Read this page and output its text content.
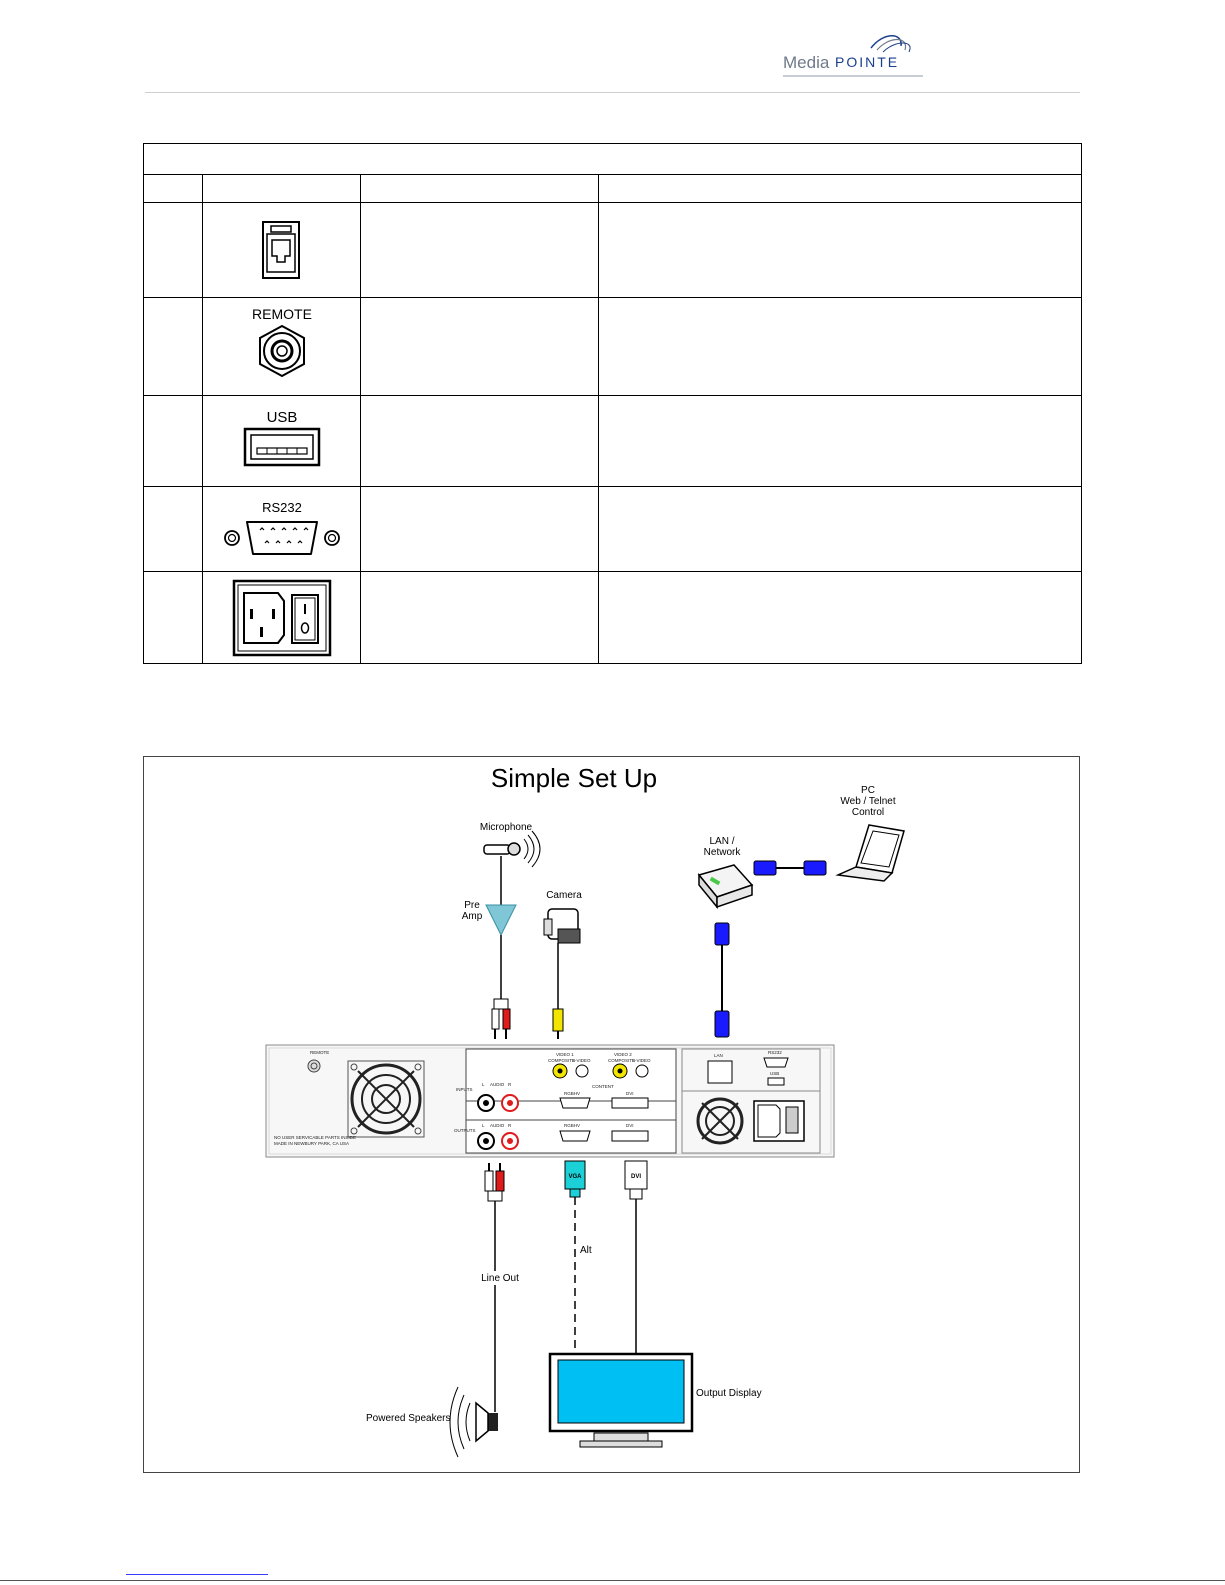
Media POINTE

REMOTE		

USB		

RS232		

Simple Set Up	PC
Web / Telnet
Control
LAN /
Network
Microphone
Pre
Amp
Camera
REMOTE
NO USER SERVICABLE PARTS INSIDE
MADE IN NEWBURY PARK, CA USA
INPUTS
OUTPUTS
L AUDIO R
L AUDIO R
VIDEO 1	VIDEO 2
COMPOSITE
S-VIDEO	COMPOSITE
S-VIDEO
CONTENT
RGBHV	DVI
RGBHV	DVI
LAN
RS232
USB
Line Out
VGA
Alt
DVI
Output Display
Powered Speakers
